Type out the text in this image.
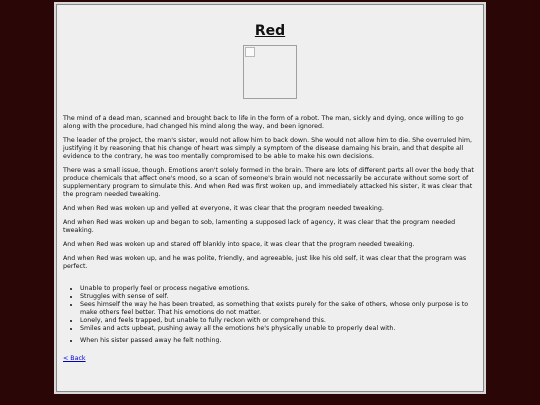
Red

The mind of a dead man, scanned and brought back to life in the form of a robot. The man, sickly and dying, once willing to go along with the procedure, had changed his mind along the way, and been ignored.

The leader of the project, the man's sister, would not allow him to back down. She would not allow him to die. She overruled him, justifying it by reasoning that his change of heart was simply a symptom of the disease damaing his brain, and that despite all evidence to the contrary, he was too mentally compromised to be able to make his own decisions.

There was a small issue, though. Emotions aren't solely formed in the brain. There are lots of different parts all over the body that produce chemicals that affect one's mood, so a scan of someone's brain would not necessarily be accurate without some sort of supplementary program to simulate this. And when Red was first woken up, and immediately attacked his sister, it was clear that the program needed tweaking.

And when Red was woken up and yelled at everyone, it was clear that the program needed tweaking.

And when Red was woken up and began to sob, lamenting a supposed lack of agency, it was clear that the program needed tweaking.

And when Red was woken up and stared off blankly into space, it was clear that the program needed tweaking.

And when Red was woken up, and he was polite, friendly, and agreeable, just like his old self, it was clear that the program was perfect.

• Unable to properly feel or process negative emotions.
• Struggles with sense of self.
• Sees himself the way he has been treated, as something that exists purely for the sake of others, whose only purpose is to make others feel better. That his emotions do not matter.
• Lonely, and feels trapped, but unable to fully reckon with or comprehend this.
• Smiles and acts upbeat, pushing away all the emotions he's physically unable to properly deal with.
• When his sister passed away he felt nothing.
< Back
